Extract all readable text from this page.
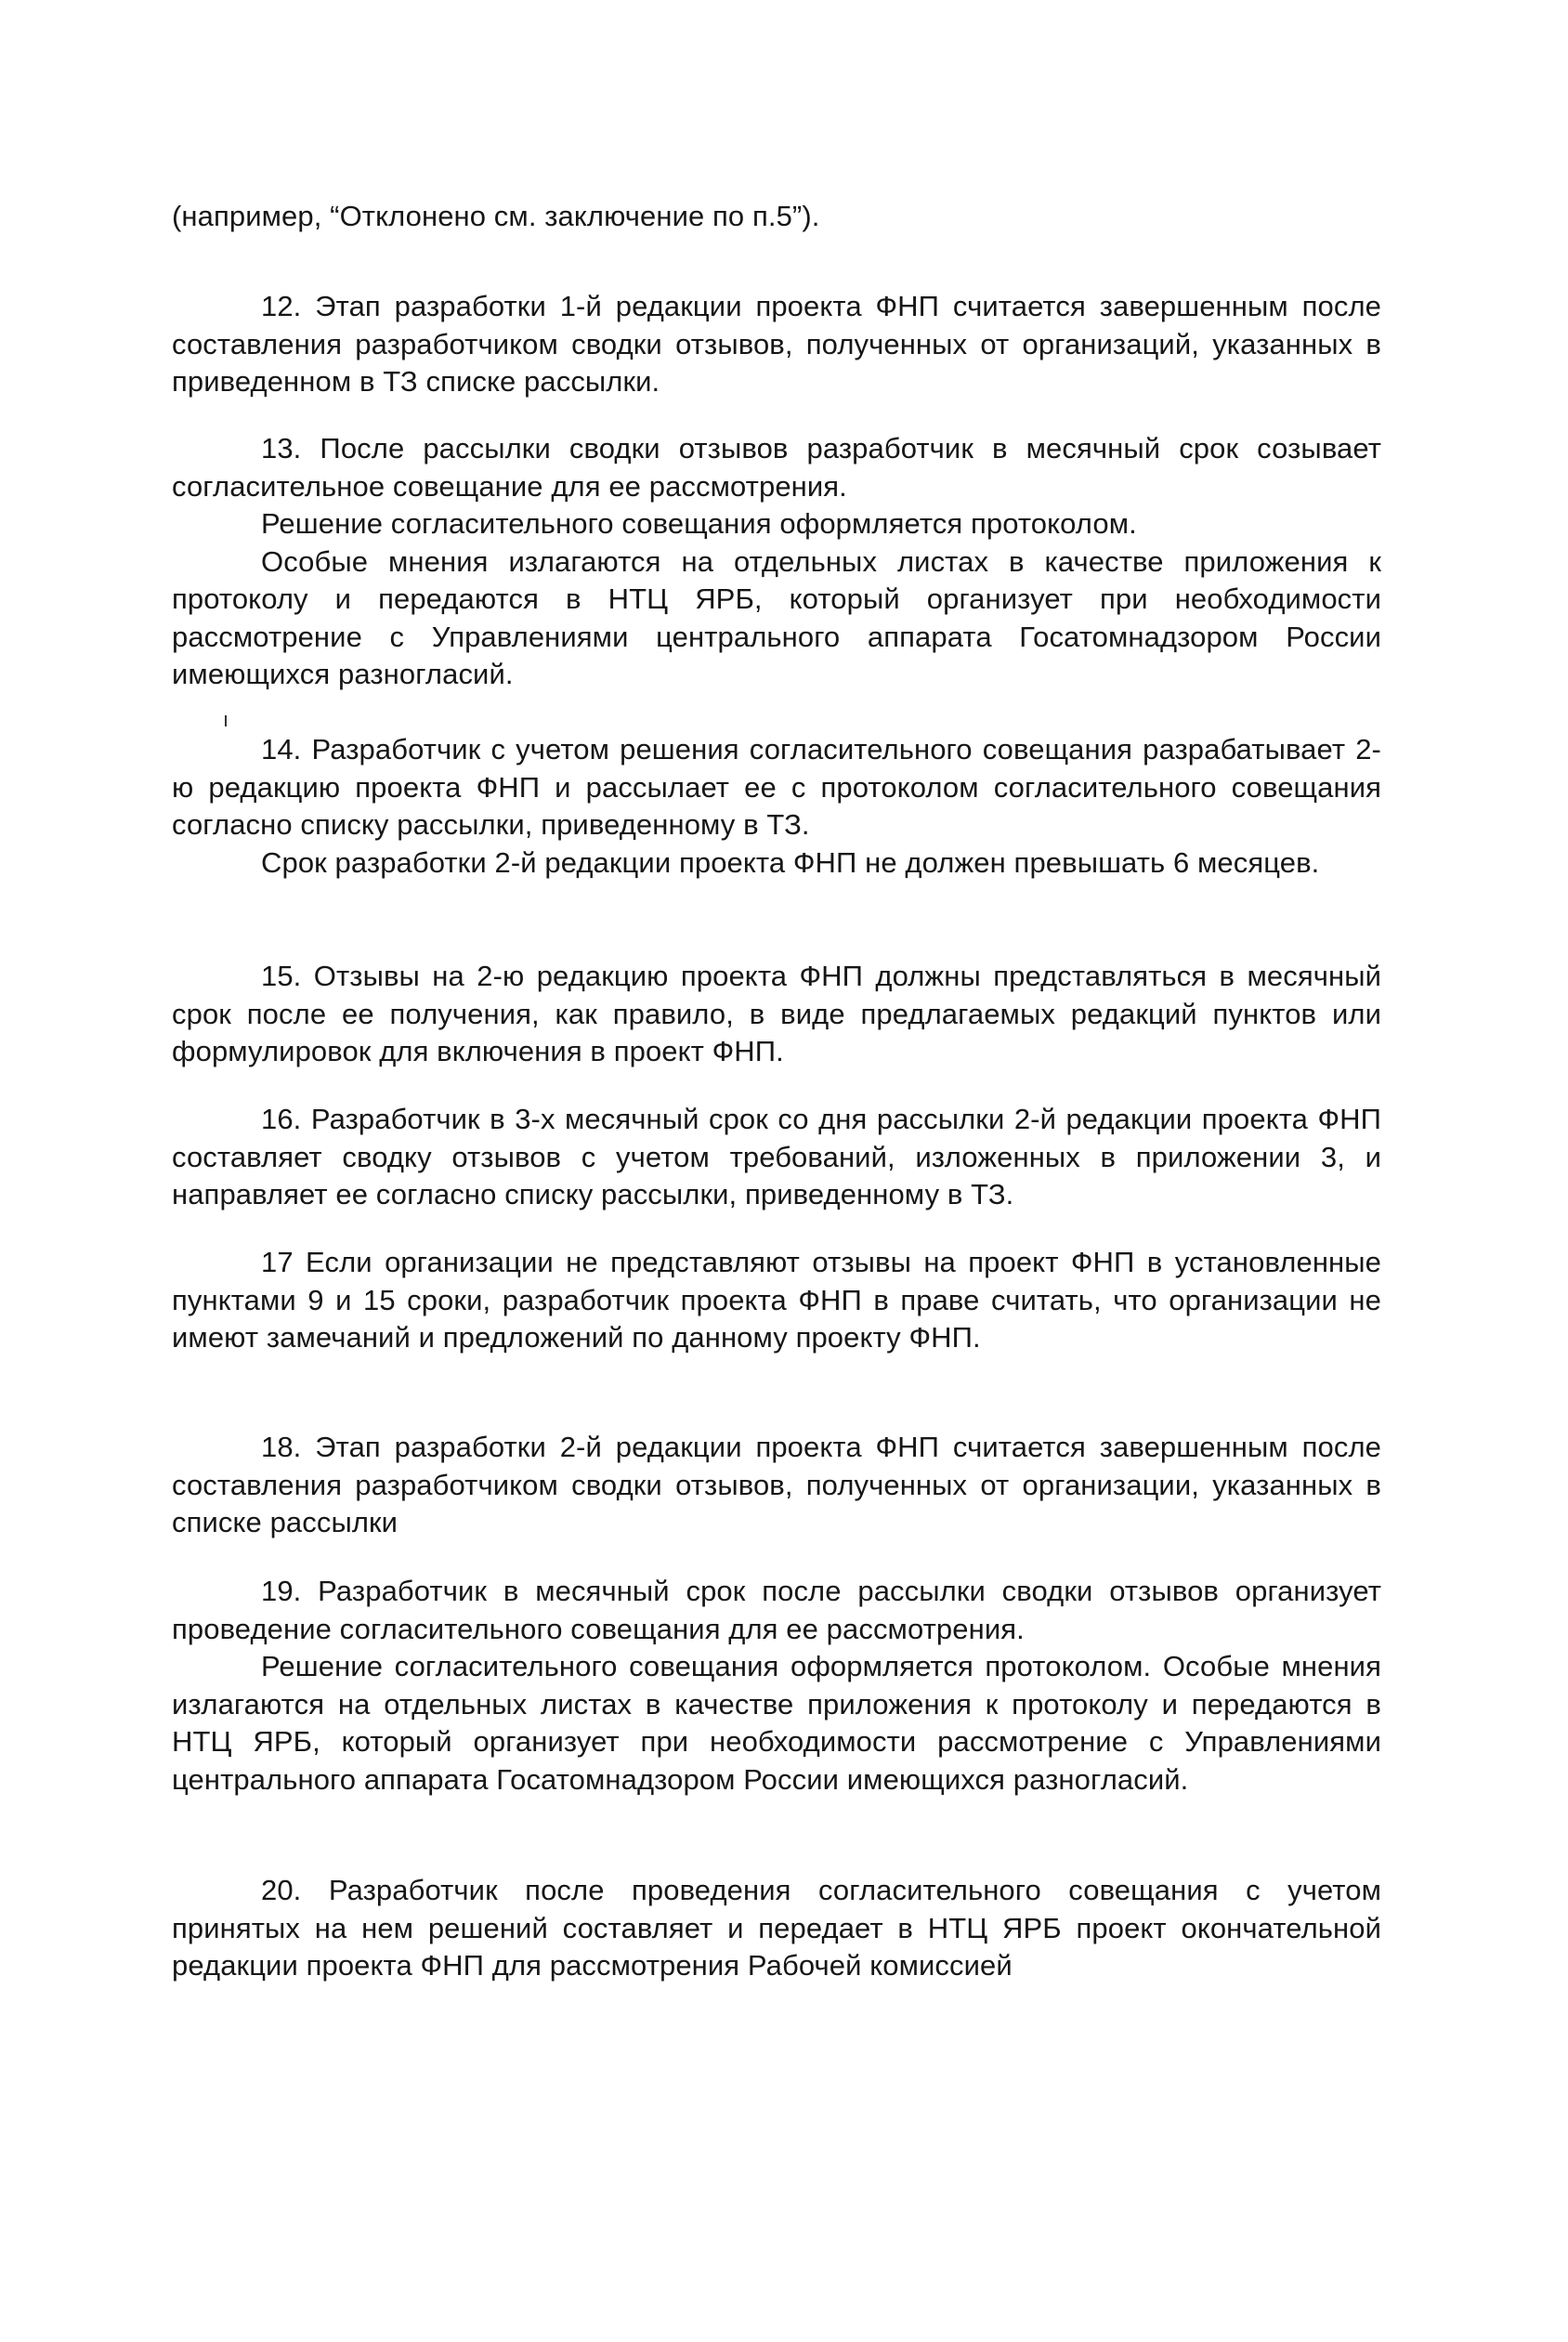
(например, “Отклонено см. заключение по п.5”).

12. Этап разработки 1-й редакции проекта ФНП считается завершенным после составления разработчиком сводки отзывов, полученных от организаций, указанных в приведенном в ТЗ списке рассылки.

13. После рассылки сводки отзывов разработчик в месячный срок созывает согласительное совещание для ее рассмотрения.

Решение согласительного совещания оформляется протоколом.

Особые мнения излагаются на отдельных листах в качестве приложения к протоколу и передаются в НТЦ ЯРБ, который организует при необходимости рассмотрение с Управлениями центрального аппарата Госатомнадзором России имеющихся разногласий.

14. Разработчик с учетом решения согласительного совещания разрабатывает 2-ю редакцию проекта ФНП и рассылает ее с протоколом согласительного совещания согласно списку рассылки, приведенному в ТЗ.

Срок разработки 2-й редакции проекта ФНП не должен превышать 6 месяцев.

15. Отзывы на 2-ю редакцию проекта ФНП должны представляться в месячный срок после ее получения, как правило, в виде предлагаемых редакций пунктов или формулировок для включения в проект ФНП.

16. Разработчик в 3-х месячный срок со дня рассылки 2-й редакции проекта ФНП составляет сводку отзывов с учетом требований, изложенных в приложении 3, и направляет ее согласно списку рассылки, приведенному в ТЗ.

17 Если организации не представляют отзывы на проект ФНП в установленные пунктами 9 и 15 сроки, разработчик проекта ФНП в праве считать, что организации не имеют замечаний и предложений по данному проекту ФНП.

18. Этап разработки 2-й редакции проекта ФНП считается завершенным после составления разработчиком сводки отзывов, полученных от организации, указанных в списке рассылки

19. Разработчик в месячный срок после рассылки сводки отзывов организует проведение согласительного совещания для ее рассмотрения.

Решение согласительного совещания оформляется протоколом. Особые мнения излагаются на отдельных листах в качестве приложения к протоколу и передаются в НТЦ ЯРБ, который организует при необходимости рассмотрение с Управлениями центрального аппарата Госатомнадзором России имеющихся разногласий.

20. Разработчик после проведения согласительного совещания с учетом принятых на нем решений составляет и передает в НТЦ ЯРБ проект окончательной редакции проекта ФНП для рассмотрения Рабочей комиссией
